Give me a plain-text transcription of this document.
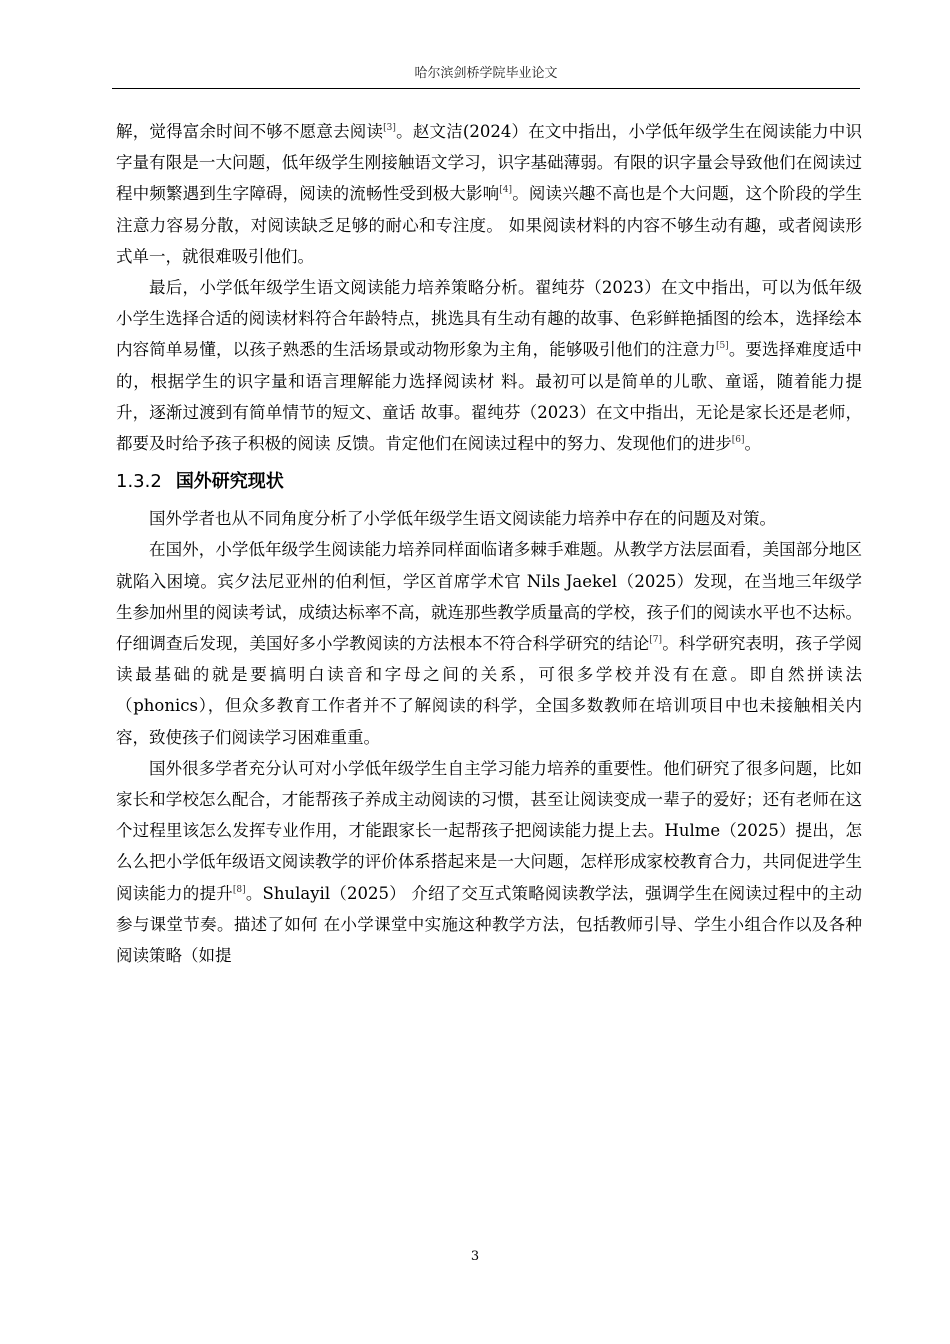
哈尔滨剑桥学院毕业论文

解，觉得富余时间不够不愿意去阅读[3]。赵文洁(2024）在文中指出，小学低年级学生在阅读能力中识字量有限是一大问题，低年级学生刚接触语文学习，识字基础薄弱。有限的识字量会导致他们在阅读过程中频繁遇到生字障碍，阅读的流畅性受到极大影响[4]。阅读兴趣不高也是个大问题，这个阶段的学生注意力容易分散，对阅读缺乏足够的耐心和专注度。 如果阅读材料的内容不够生动有趣，或者阅读形式单一，就很难吸引他们。

最后，小学低年级学生语文阅读能力培养策略分析。翟纯芬（2023）在文中指出，可以为低年级小学生选择合适的阅读材料符合年龄特点，挑选具有生动有趣的故事、色彩鲜艳插图的绘本，选择绘本内容简单易懂，以孩子熟悉的生活场景或动物形象为主角，能够吸引他们的注意力[5]。要选择难度适中的，根据学生的识字量和语言理解能力选择阅读材 料。最初可以是简单的儿歌、童谣，随着能力提升，逐渐过渡到有简单情节的短文、童话 故事。翟纯芬（2023）在文中指出，无论是家长还是老师，都要及时给予孩子积极的阅读 反馈。肯定他们在阅读过程中的努力、发现他们的进步[6]。

1.3.2 国外研究现状

国外学者也从不同角度分析了小学低年级学生语文阅读能力培养中存在的问题及对策。

在国外，小学低年级学生阅读能力培养同样面临诸多棘手难题。从教学方法层面看，美国部分地区就陷入困境。宾夕法尼亚州的伯利恒，学区首席学术官 Nils Jaekel（2025）发现，在当地三年级学生参加州里的阅读考试，成绩达标率不高，就连那些教学质量高的学校，孩子们的阅读水平也不达标。仔细调查后发现，美国好多小学教阅读的方法根本不符合科学研究的结论[7]。科学研究表明，孩子学阅读最基础的就是要搞明白读音和字母之间的关系，可很多学校并没有在意。即自然拼读法（phonics），但众多教育工作者并不了解阅读的科学，全国多数教师在培训项目中也未接触相关内容，致使孩子们阅读学习困难重重。

国外很多学者充分认可对小学低年级学生自主学习能力培养的重要性。他们研究了很多问题，比如家长和学校怎么配合，才能帮孩子养成主动阅读的习惯，甚至让阅读变成一辈子的爱好；还有老师在这个过程里该怎么发挥专业作用，才能跟家长一起帮孩子把阅读能力提上去。Hulme（2025）提出，怎么么把小学低年级语文阅读教学的评价体系搭起来是一大问题，怎样形成家校教育合力，共同促进学生阅读能力的提升[8]。Shulayil（2025） 介绍了交互式策略阅读教学法，强调学生在阅读过程中的主动参与课堂节奏。描述了如何 在小学课堂中实施这种教学方法，包括教师引导、学生小组合作以及各种阅读策略（如提

3
